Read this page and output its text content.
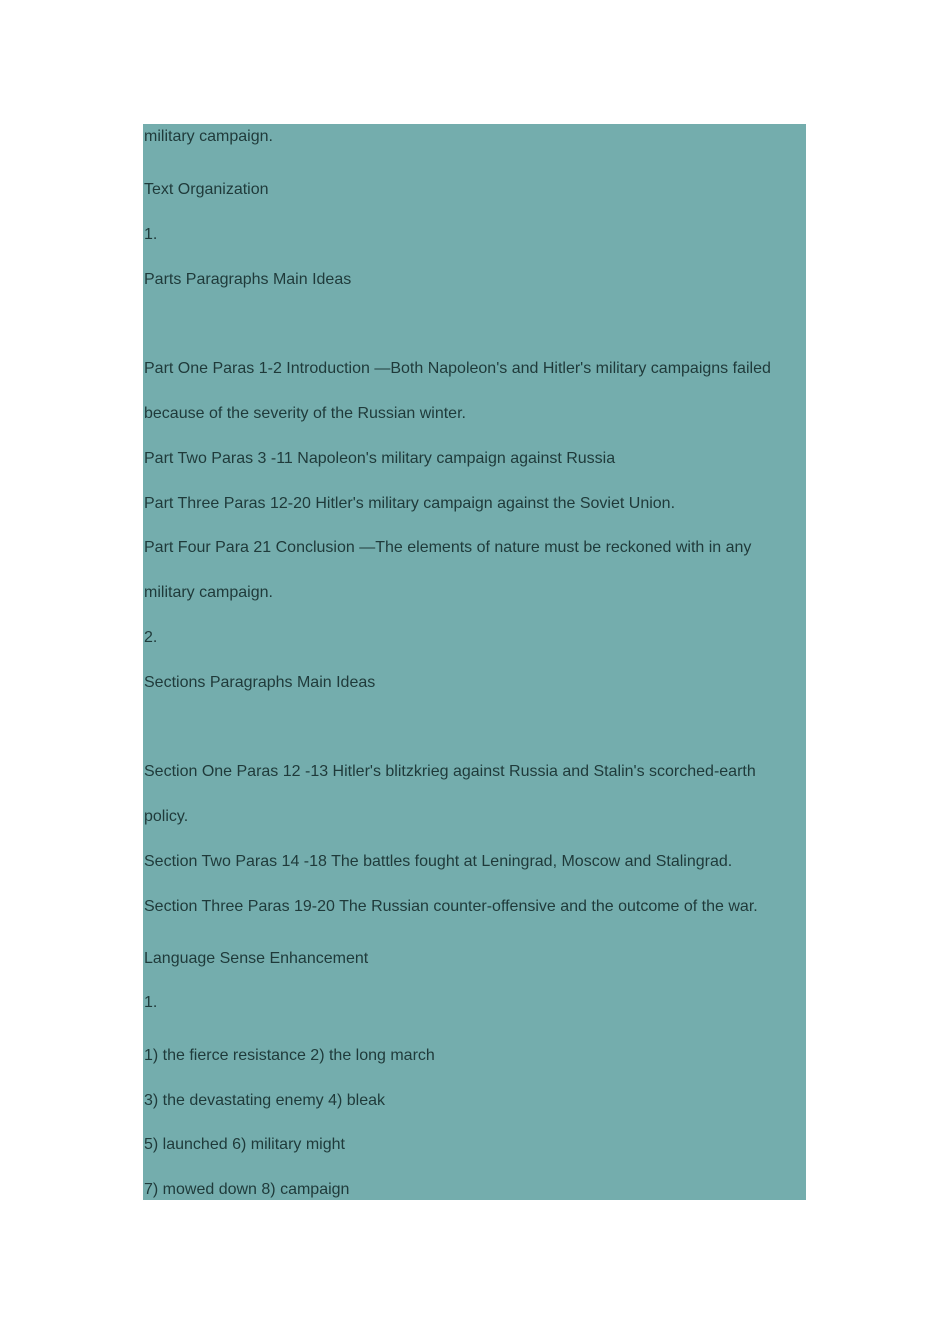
military campaign.
Text Organization
1.
Parts Paragraphs Main Ideas
Part One Paras 1-2 Introduction —Both Napoleon's and Hitler's military campaigns failed
because of the severity of the Russian winter.
Part Two Paras 3 -11 Napoleon's military campaign against Russia
Part Three Paras 12-20 Hitler's military campaign against the Soviet Union.
Part Four Para 21 Conclusion —The elements of nature must be reckoned with in any
military campaign.
2.
Sections Paragraphs Main Ideas
Section One Paras 12 -13 Hitler's blitzkrieg against Russia and Stalin's scorched-earth
policy.
Section Two Paras 14 -18 The battles fought at Leningrad, Moscow and Stalingrad.
Section Three Paras 19-20 The Russian counter-offensive and the outcome of the war.
Language Sense Enhancement
1.
1) the fierce resistance 2) the long march
3) the devastating enemy 4) bleak
5) launched 6) military might
7) mowed down 8) campaign
